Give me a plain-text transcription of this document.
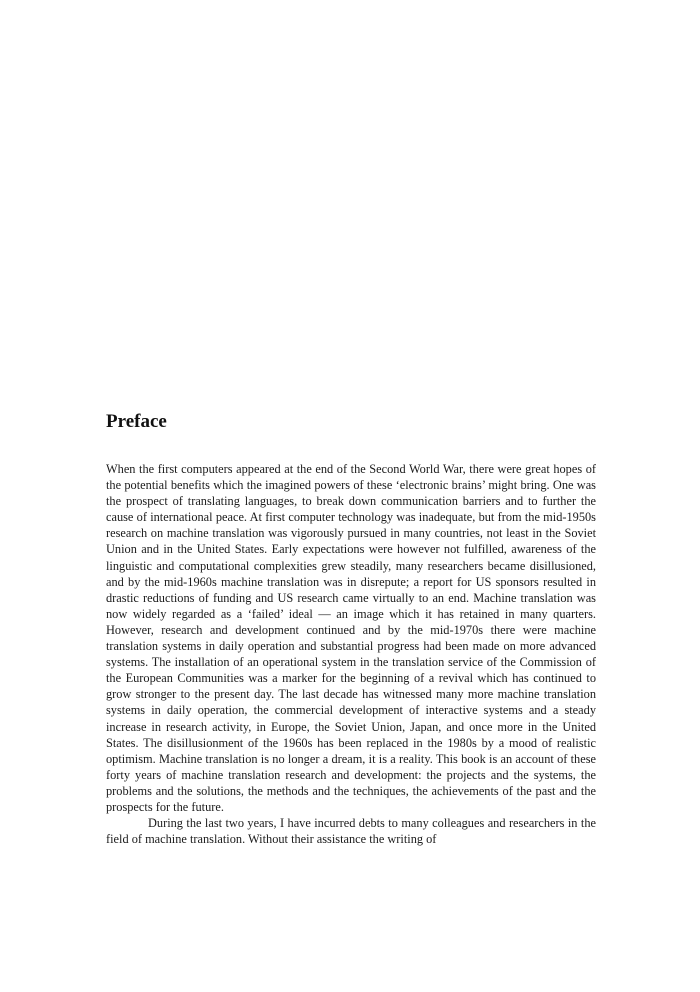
Preface

When the first computers appeared at the end of the Second World War, there were great hopes of the potential benefits which the imagined powers of these ‘electronic brains’ might bring. One was the prospect of translating languages, to break down communication barriers and to further the cause of international peace. At first computer technology was inadequate, but from the mid-1950s research on machine translation was vigorously pursued in many countries, not least in the Soviet Union and in the United States. Early expectations were however not fulfilled, awareness of the linguistic and computational complexities grew steadily, many researchers became disillusioned, and by the mid-1960s machine translation was in disrepute; a report for US sponsors resulted in drastic reductions of funding and US research came virtually to an end. Machine translation was now widely regarded as a ‘failed’ ideal — an image which it has retained in many quarters. However, research and development continued and by the mid-1970s there were machine translation systems in daily operation and substantial progress had been made on more advanced systems. The installation of an operational system in the translation service of the Commission of the European Communities was a marker for the beginning of a revival which has continued to grow stronger to the present day. The last decade has witnessed many more machine translation systems in daily operation, the commercial development of interactive systems and a steady increase in research activity, in Europe, the Soviet Union, Japan, and once more in the United States. The disillusionment of the 1960s has been replaced in the 1980s by a mood of realistic optimism. Machine translation is no longer a dream, it is a reality. This book is an account of these forty years of machine translation research and development: the projects and the systems, the problems and the solutions, the methods and the techniques, the achievements of the past and the prospects for the future.

During the last two years, I have incurred debts to many colleagues and researchers in the field of machine translation. Without their assistance the writing of
